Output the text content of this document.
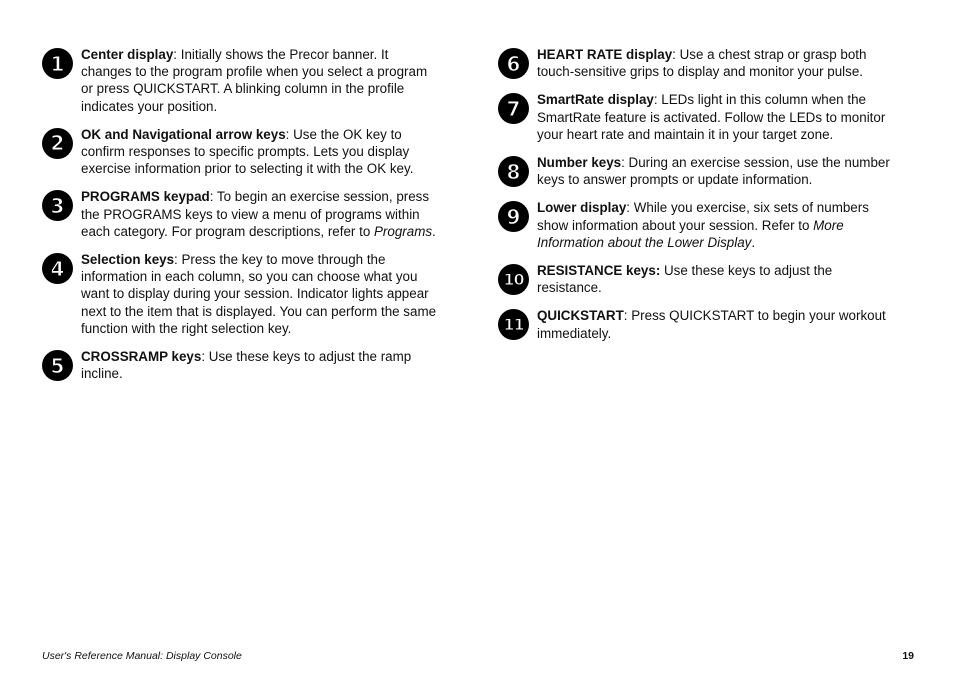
1	Center display: Initially shows the Precor banner. It changes to the program profile when you select a program or press QUICKSTART. A blinking column in the profile indicates your position.
2	OK and Navigational arrow keys: Use the OK key to confirm responses to specific prompts. Lets you display exercise information prior to selecting it with the OK key.
3	PROGRAMS keypad: To begin an exercise session, press the PROGRAMS keys to view a menu of programs within each category. For program descriptions, refer to Programs.
4	Selection keys: Press the key to move through the information in each column, so you can choose what you want to display during your session. Indicator lights appear next to the item that is displayed. You can perform the same function with the right selection key.
5	CROSSRAMP keys: Use these keys to adjust the ramp incline.
6	HEART RATE display: Use a chest strap or grasp both touch-sensitive grips to display and monitor your pulse.
7	SmartRate display: LEDs light in this column when the SmartRate feature is activated. Follow the LEDs to monitor your heart rate and maintain it in your target zone.
8	Number keys: During an exercise session, use the number keys to answer prompts or update information.
9	Lower display: While you exercise, six sets of numbers show information about your session. Refer to More Information about the Lower Display.
10 RESISTANCE keys: Use these keys to adjust the resistance.
11 QUICKSTART: Press QUICKSTART to begin your workout immediately.
User's Reference Manual: Display Console	19
